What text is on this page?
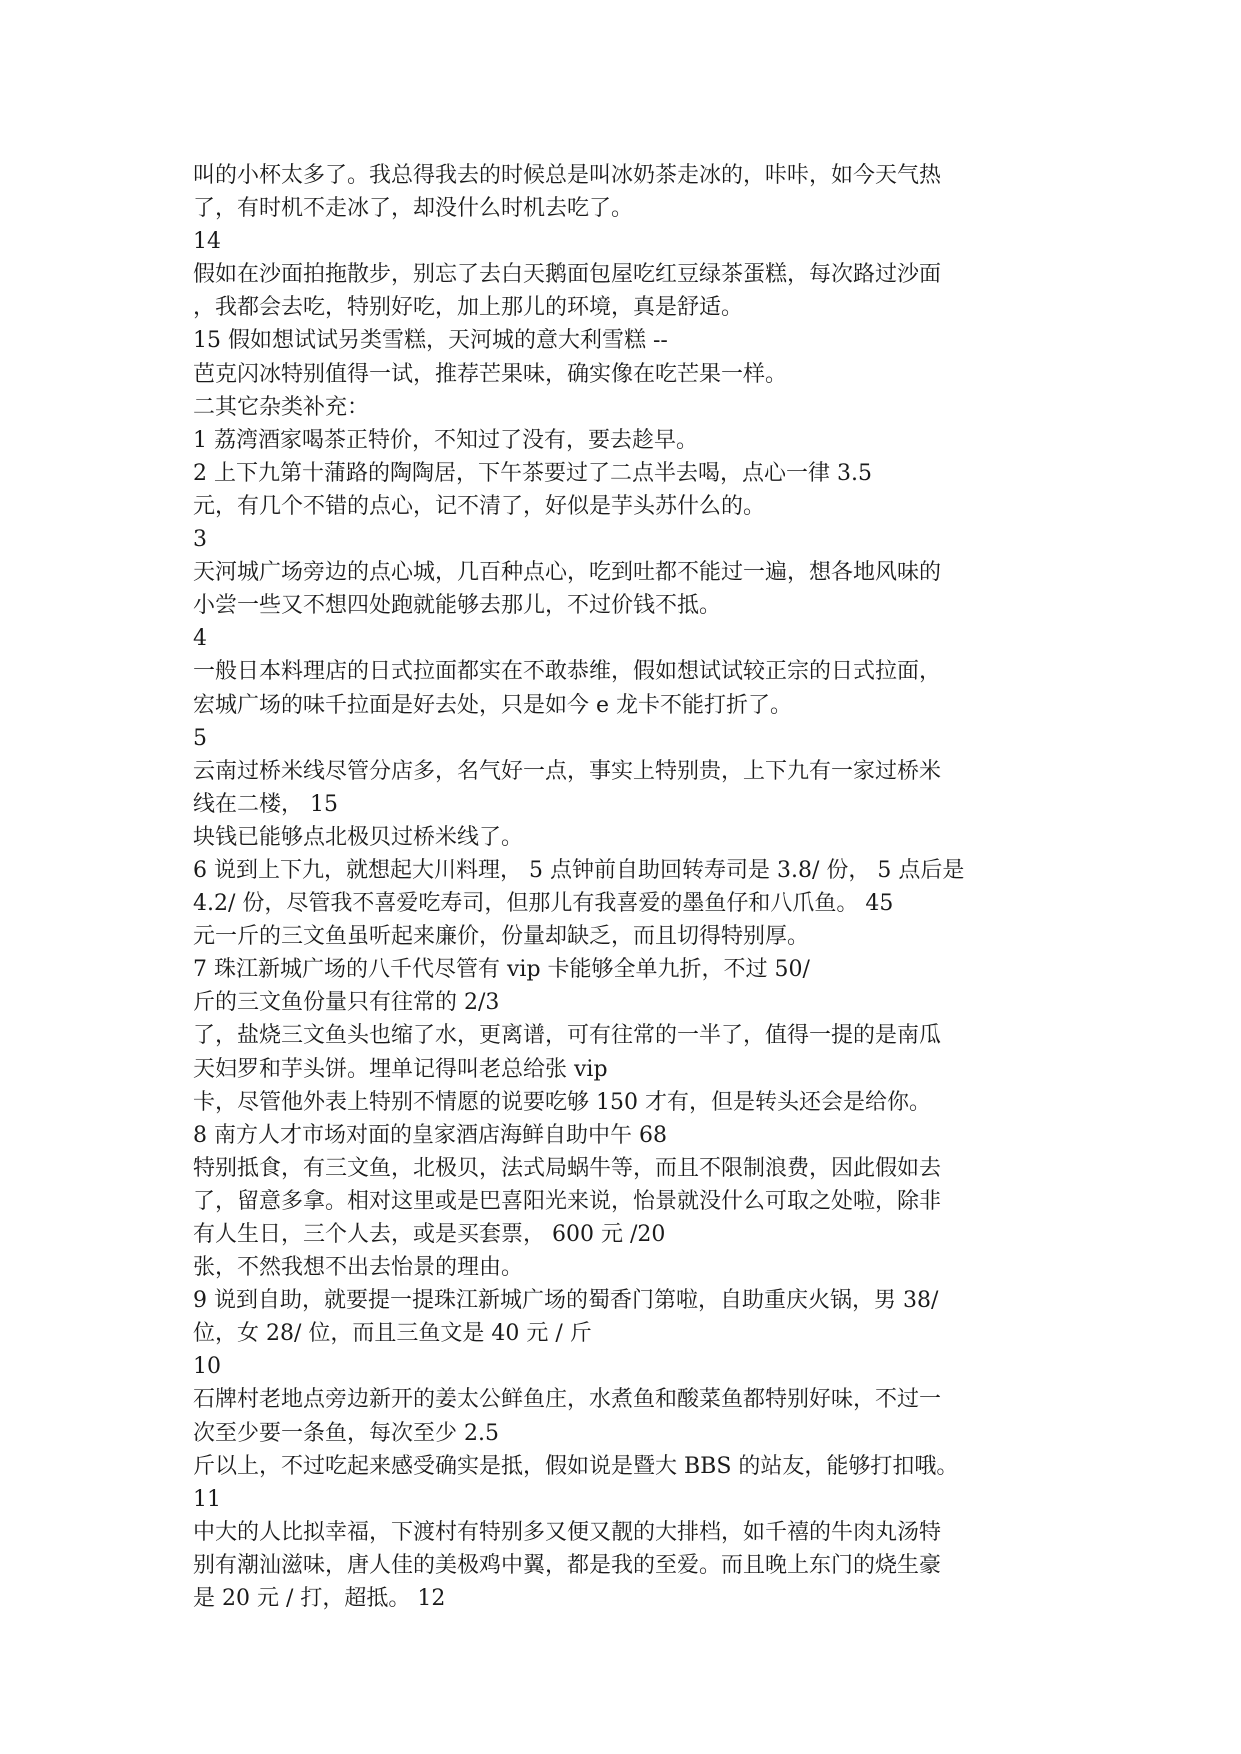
叫的小杯太多了。我总得我去的时候总是叫冰奶茶走冰的，咔咔，如今天气热
了，有时机不走冰了，却没什么时机去吃了。
14
假如在沙面拍拖散步，别忘了去白天鹅面包屋吃红豆绿茶蛋糕，每次路过沙面
，我都会去吃，特别好吃，加上那儿的环境，真是舒适。
15 假如想试试另类雪糕，天河城的意大利雪糕 --
芭克闪冰特别值得一试，推荐芒果味，确实像在吃芒果一样。
二其它杂类补充：
1 荔湾酒家喝茶正特价，不知过了没有，要去趁早。
2 上下九第十蒲路的陶陶居，下午茶要过了二点半去喝，点心一律 3.5
元，有几个不错的点心，记不清了，好似是芋头苏什么的。
3
天河城广场旁边的点心城，几百种点心，吃到吐都不能过一遍，想各地风味的
小尝一些又不想四处跑就能够去那儿，不过价钱不抵。
4
一般日本料理店的日式拉面都实在不敢恭维，假如想试试较正宗的日式拉面，
宏城广场的味千拉面是好去处，只是如今 e 龙卡不能打折了。
5
云南过桥米线尽管分店多，名气好一点，事实上特别贵，上下九有一家过桥米
线在二楼， 15
块钱已能够点北极贝过桥米线了。
6 说到上下九，就想起大川料理， 5 点钟前自助回转寿司是 3.8/ 份， 5 点后是
4.2/ 份，尽管我不喜爱吃寿司，但那儿有我喜爱的墨鱼仔和八爪鱼。 45
元一斤的三文鱼虽听起来廉价，份量却缺乏，而且切得特别厚。
7 珠江新城广场的八千代尽管有 vip 卡能够全单九折，不过 50/
斤的三文鱼份量只有往常的 2/3
了，盐烧三文鱼头也缩了水，更离谱，可有往常的一半了，值得一提的是南瓜
天妇罗和芋头饼。埋单记得叫老总给张 vip
卡，尽管他外表上特别不情愿的说要吃够 150 才有，但是转头还会是给你。
8 南方人才市场对面的皇家酒店海鲜自助中午 68
特别抵食，有三文鱼，北极贝，法式局蜗牛等，而且不限制浪费，因此假如去
了，留意多拿。相对这里或是巴喜阳光来说，怡景就没什么可取之处啦，除非
有人生日，三个人去，或是买套票， 600 元 /20
张，不然我想不出去怡景的理由。
9 说到自助，就要提一提珠江新城广场的蜀香门第啦，自助重庆火锅，男 38/
位，女 28/ 位，而且三鱼文是 40 元 / 斤
10
石牌村老地点旁边新开的姜太公鲜鱼庄，水煮鱼和酸菜鱼都特别好味，不过一
次至少要一条鱼，每次至少 2.5
斤以上，不过吃起来感受确实是抵，假如说是暨大 BBS 的站友，能够打扣哦。
11
中大的人比拟幸福，下渡村有特别多又便又靓的大排档，如千禧的牛肉丸汤特
别有潮汕滋味，唐人佳的美极鸡中翼，都是我的至爱。而且晚上东门的烧生豪
是 20 元 / 打，超抵。 12
